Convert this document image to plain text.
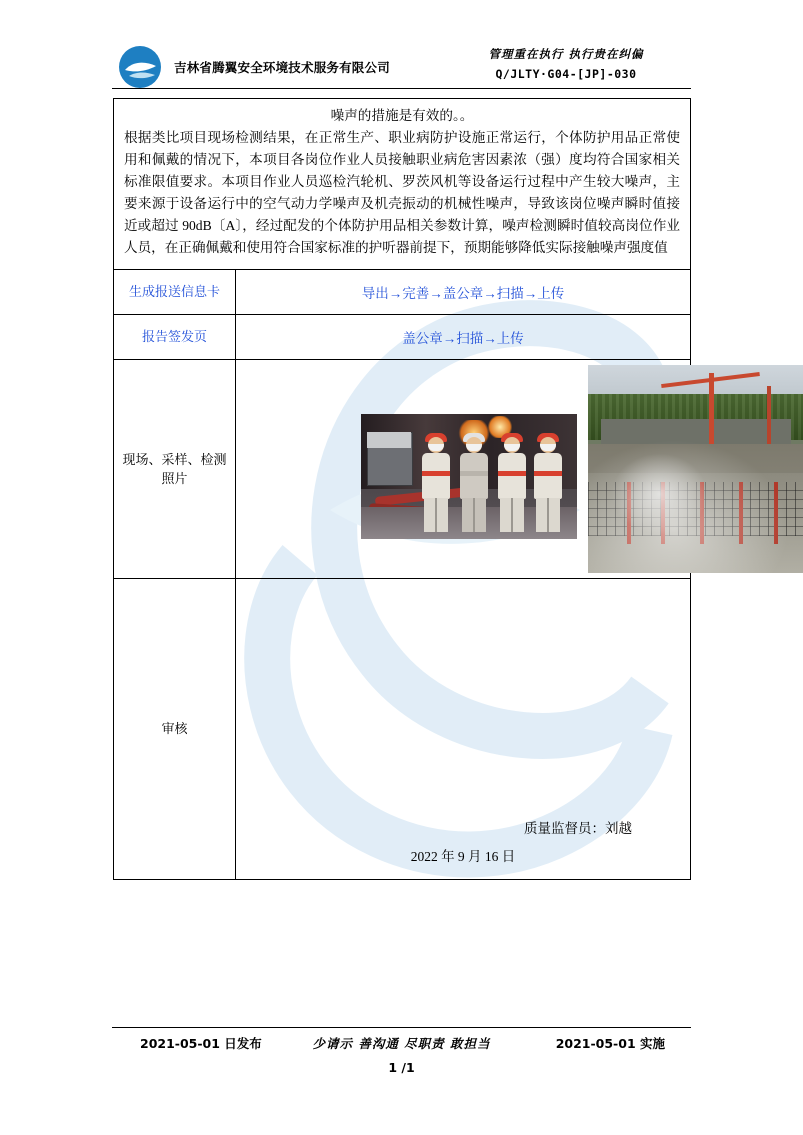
吉林省腾翼安全环境技术服务有限公司
管理重在执行 执行贵在纠偏
Q/JLTY·G04-[JP]-030
噪声的措施是有效的。。
根据类比项目现场检测结果，在正常生产、职业病防护设施正常运行，个体防护用品正常使用和佩戴的情况下，本项目各岗位作业人员接触职业病危害因素浓（强）度均符合国家相关标准限值要求。本项目作业人员巡检汽轮机、罗茨风机等设备运行过程中产生较大噪声，主要来源于设备运行中的空气动力学噪声及机壳振动的机械性噪声，导致该岗位噪声瞬时值接近或超过 90dB〔A〕，经过配发的个体防护用品相关参数计算，噪声检测瞬时值较高岗位作业人员，在正确佩戴和使用符合国家标准的护听器前提下，预期能够降低实际接触噪声强度值	
生成报送信息卡	导出→完善→盖公章→扫描→上传
报告签发页	盖公章→扫描→上传
现场、采样、检测照片	

审核	质量监督员：刘越
2022 年 9 月 16 日
2021-05-01 日发布	少请示 善沟通 尽职责 敢担当	2021-05-01 实施
1 /1
